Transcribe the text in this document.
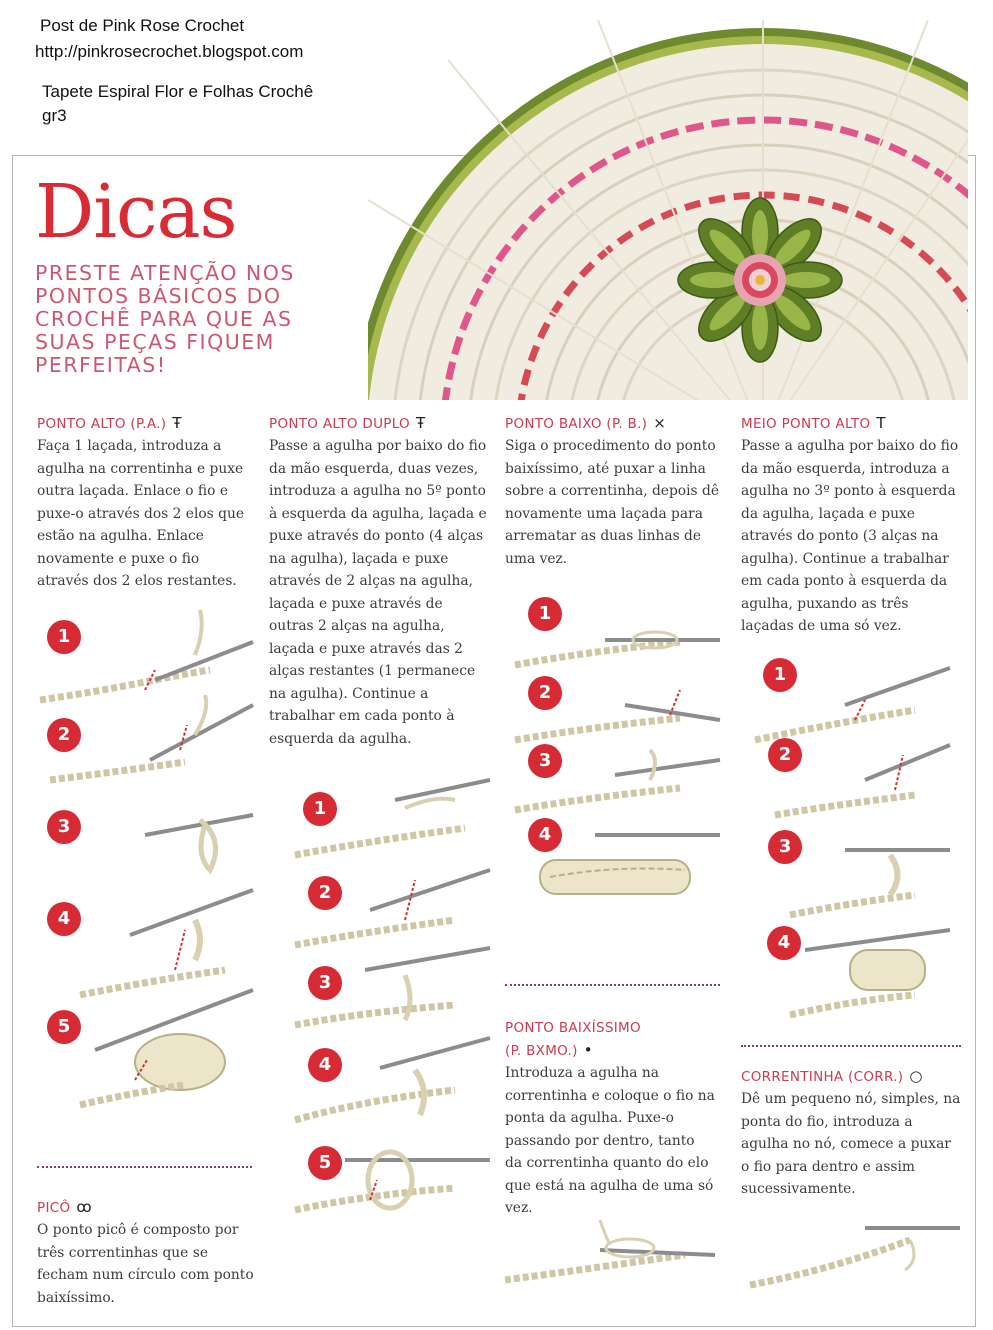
Post de Pink Rose Crochet
http://pinkrosecrochet.blogspot.com
Tapete Espiral Flor e Folhas Crochê
gr3
Dicas
PRESTE ATENÇÃO NOS PONTOS BÁSICOS DO CROCHÊ PARA QUE AS SUAS PEÇAS FIQUEM PERFEITAS!
PONTO ALTO (P.A.) Ŧ
Faça 1 laçada, introduza a agulha na correntinha e puxe outra laçada. Enlace o fio e puxe-o através dos 2 elos que estão na agulha. Enlace novamente e puxe o fio através dos 2 elos restantes.
1
2
3
4
5
PICÔ ꝏ
O ponto picô é composto por três correntinhas que se fecham num círculo com ponto baixíssimo.
PONTO ALTO DUPLO Ŧ
Passe a agulha por baixo do fio da mão esquerda, duas vezes, introduza a agulha no 5º ponto à esquerda da agulha, laçada e puxe através do ponto (4 alças na agulha), laçada e puxe através de 2 alças na agulha, laçada e puxe através de outras 2 alças na agulha, laçada e puxe através das 2 alças restantes (1 permanece na agulha). Continue a trabalhar em cada ponto à esquerda da agulha.
1
2
3
4
5
PONTO BAIXO (P. B.) ×
Siga o procedimento do ponto baixíssimo, até puxar a linha sobre a correntinha, depois dê novamente uma laçada para arrematar as duas linhas de uma vez.
1
2
3
4
PONTO BAIXÍSSIMO
(P. BXMO.) •
Introduza a agulha na correntinha e coloque o fio na ponta da agulha. Puxe-o passando por dentro, tanto da correntinha quanto do elo que está na agulha de uma só vez.
MEIO PONTO ALTO T
Passe a agulha por baixo do fio da mão esquerda, introduza a agulha no 3º ponto à esquerda da agulha, laçada e puxe através do ponto (3 alças na agulha). Continue a trabalhar em cada ponto à esquerda da agulha, puxando as três laçadas de uma só vez.
1
2
3
4
CORRENTINHA (CORR.) ○
Dê um pequeno nó, simples, na ponta do fio, introduza a agulha no nó, comece a puxar o fio para dentro e assim sucessivamente.
